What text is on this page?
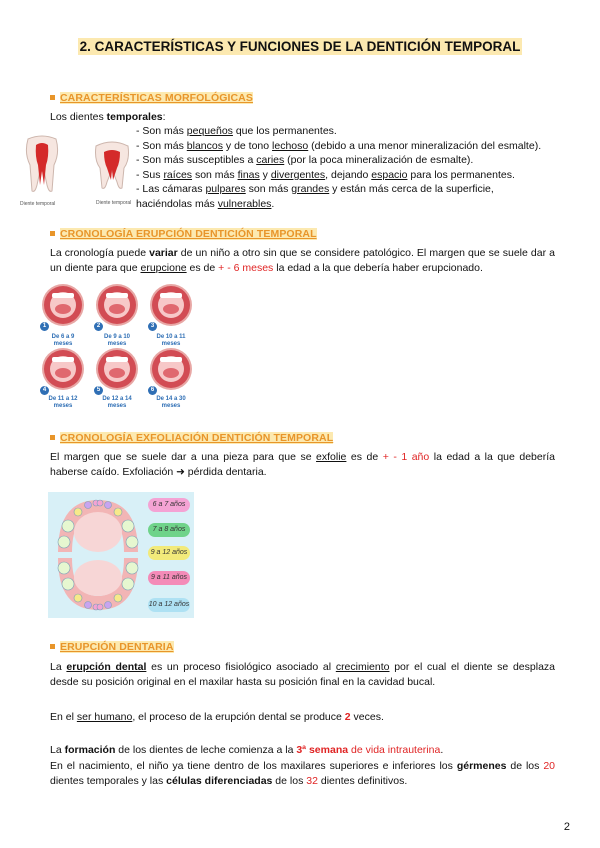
2. CARACTERÍSTICAS Y FUNCIONES DE LA DENTICIÓN TEMPORAL
CARACTERÍSTICAS MORFOLÓGICAS
Los dientes temporales:
Diente temporal	Diente temporal
- Son más pequeños que los permanentes.
- Son más blancos y de tono lechoso (debido a una menor mineralización del esmalte).
- Son más susceptibles a caries (por la poca mineralización de esmalte).
- Sus raíces son más finas y divergentes, dejando espacio para los permanentes.
- Las cámaras pulpares son más grandes y están más cerca de la superficie,
haciéndolas más vulnerables.
CRONOLOGÍA ERUPCIÓN DENTICIÓN TEMPORAL
La cronología puede variar de un niño a otro sin que se considere patológico. El margen que se suele dar a un diente para que erupcione es de + - 6 meses la edad a la que debería haber erupcionado.
1
De 6 a 9 meses
2
De 9 a 10 meses
3
De 10 a 11 meses
4
De 11 a 12 meses
5
De 12 a 14 meses
6
De 14 a 30 meses
CRONOLOGÍA EXFOLIACIÓN DENTICIÓN TEMPORAL
El margen que se suele dar a una pieza para que se exfolie es de + - 1 año la edad a la que debería haberse caído. Exfoliación ➜ pérdida dentaria.
6 a 7 años
7 a 8 años
9 a 12 años
9 a 11 años
10 a 12 años
ERUPCIÓN DENTARIA
La erupción dental es un proceso fisiológico asociado al crecimiento por el cual el diente se desplaza desde su posición original en el maxilar hasta su posición final en la cavidad bucal.
En el ser humano, el proceso de la erupción dental se produce 2 veces.
La formación de los dientes de leche comienza a la 3ª semana de vida intrauterina.
En el nacimiento, el niño ya tiene dentro de los maxilares superiores e inferiores los gérmenes de los 20 dientes temporales y las células diferenciadas de los 32 dientes definitivos.
2
